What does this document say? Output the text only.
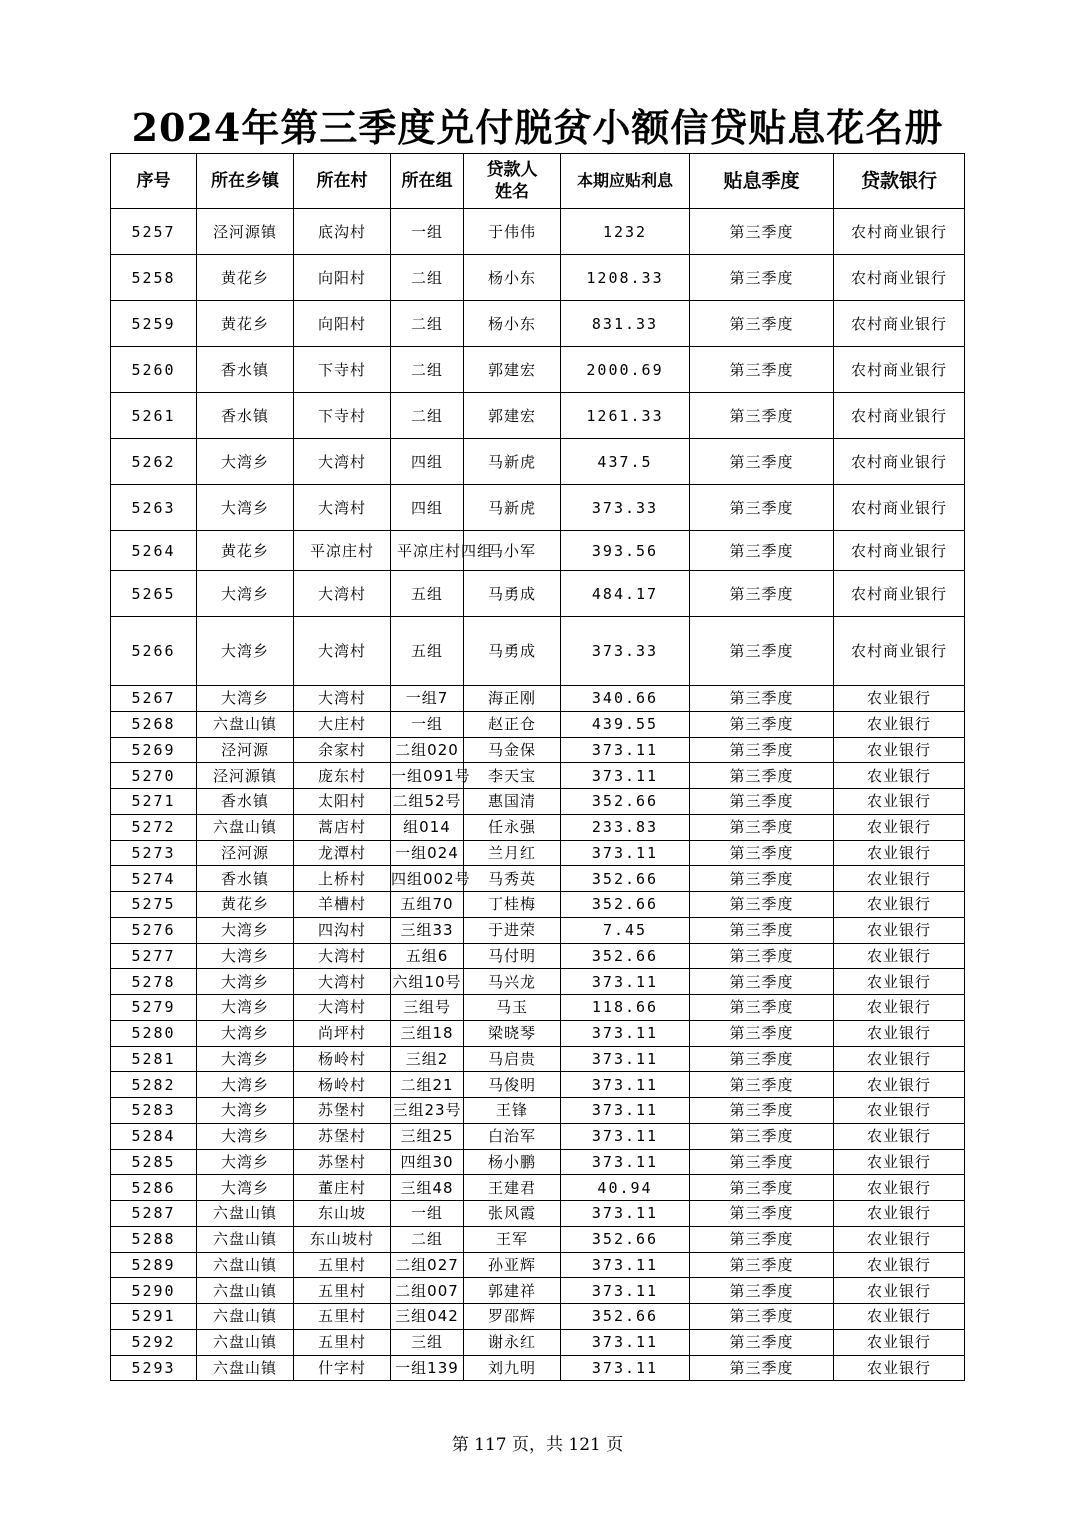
2024年第三季度兑付脱贫小额信贷贴息花名册
序号	所在乡镇	所在村	所在组	贷款人姓名	本期应贴利息	贴息季度	贷款银行
5257	泾河源镇	底沟村	一组	于伟伟	1232	第三季度	农村商业银行
5258	黄花乡	向阳村	二组	杨小东	1208.33	第三季度	农村商业银行
5259	黄花乡	向阳村	二组	杨小东	831.33	第三季度	农村商业银行
5260	香水镇	下寺村	二组	郭建宏	2000.69	第三季度	农村商业银行
5261	香水镇	下寺村	二组	郭建宏	1261.33	第三季度	农村商业银行
5262	大湾乡	大湾村	四组	马新虎	437.5	第三季度	农村商业银行
5263	大湾乡	大湾村	四组	马新虎	373.33	第三季度	农村商业银行
5264	黄花乡	平凉庄村	平凉庄村四组	马小军	393.56	第三季度	农村商业银行
5265	大湾乡	大湾村	五组	马勇成	484.17	第三季度	农村商业银行
5266	大湾乡	大湾村	五组	马勇成	373.33	第三季度	农村商业银行
5267	大湾乡	大湾村	一组7	海正刚	340.66	第三季度	农业银行
5268	六盘山镇	大庄村	一组	赵正仓	439.55	第三季度	农业银行
5269	泾河源	余家村	二组020	马金保	373.11	第三季度	农业银行
5270	泾河源镇	庞东村	一组091号	李天宝	373.11	第三季度	农业银行
5271	香水镇	太阳村	二组52号	惠国清	352.66	第三季度	农业银行
5272	六盘山镇	蒿店村	组014	任永强	233.83	第三季度	农业银行
5273	泾河源	龙潭村	一组024	兰月红	373.11	第三季度	农业银行
5274	香水镇	上桥村	四组002号	马秀英	352.66	第三季度	农业银行
5275	黄花乡	羊槽村	五组70	丁桂梅	352.66	第三季度	农业银行
5276	大湾乡	四沟村	三组33	于进荣	7.45	第三季度	农业银行
5277	大湾乡	大湾村	五组6	马付明	352.66	第三季度	农业银行
5278	大湾乡	大湾村	六组10号	马兴龙	373.11	第三季度	农业银行
5279	大湾乡	大湾村	三组号	马玉	118.66	第三季度	农业银行
5280	大湾乡	尚坪村	三组18	梁晓琴	373.11	第三季度	农业银行
5281	大湾乡	杨岭村	三组2	马启贵	373.11	第三季度	农业银行
5282	大湾乡	杨岭村	二组21	马俊明	373.11	第三季度	农业银行
5283	大湾乡	苏堡村	三组23号	王锋	373.11	第三季度	农业银行
5284	大湾乡	苏堡村	三组25	白治军	373.11	第三季度	农业银行
5285	大湾乡	苏堡村	四组30	杨小鹏	373.11	第三季度	农业银行
5286	大湾乡	董庄村	三组48	王建君	40.94	第三季度	农业银行
5287	六盘山镇	东山坡	一组	张风霞	373.11	第三季度	农业银行
5288	六盘山镇	东山坡村	二组	王军	352.66	第三季度	农业银行
5289	六盘山镇	五里村	二组027	孙亚辉	373.11	第三季度	农业银行
5290	六盘山镇	五里村	二组007	郭建祥	373.11	第三季度	农业银行
5291	六盘山镇	五里村	三组042	罗邵辉	352.66	第三季度	农业银行
5292	六盘山镇	五里村	三组	谢永红	373.11	第三季度	农业银行
5293	六盘山镇	什字村	一组139	刘九明	373.11	第三季度	农业银行
第 117 页，共 121 页
